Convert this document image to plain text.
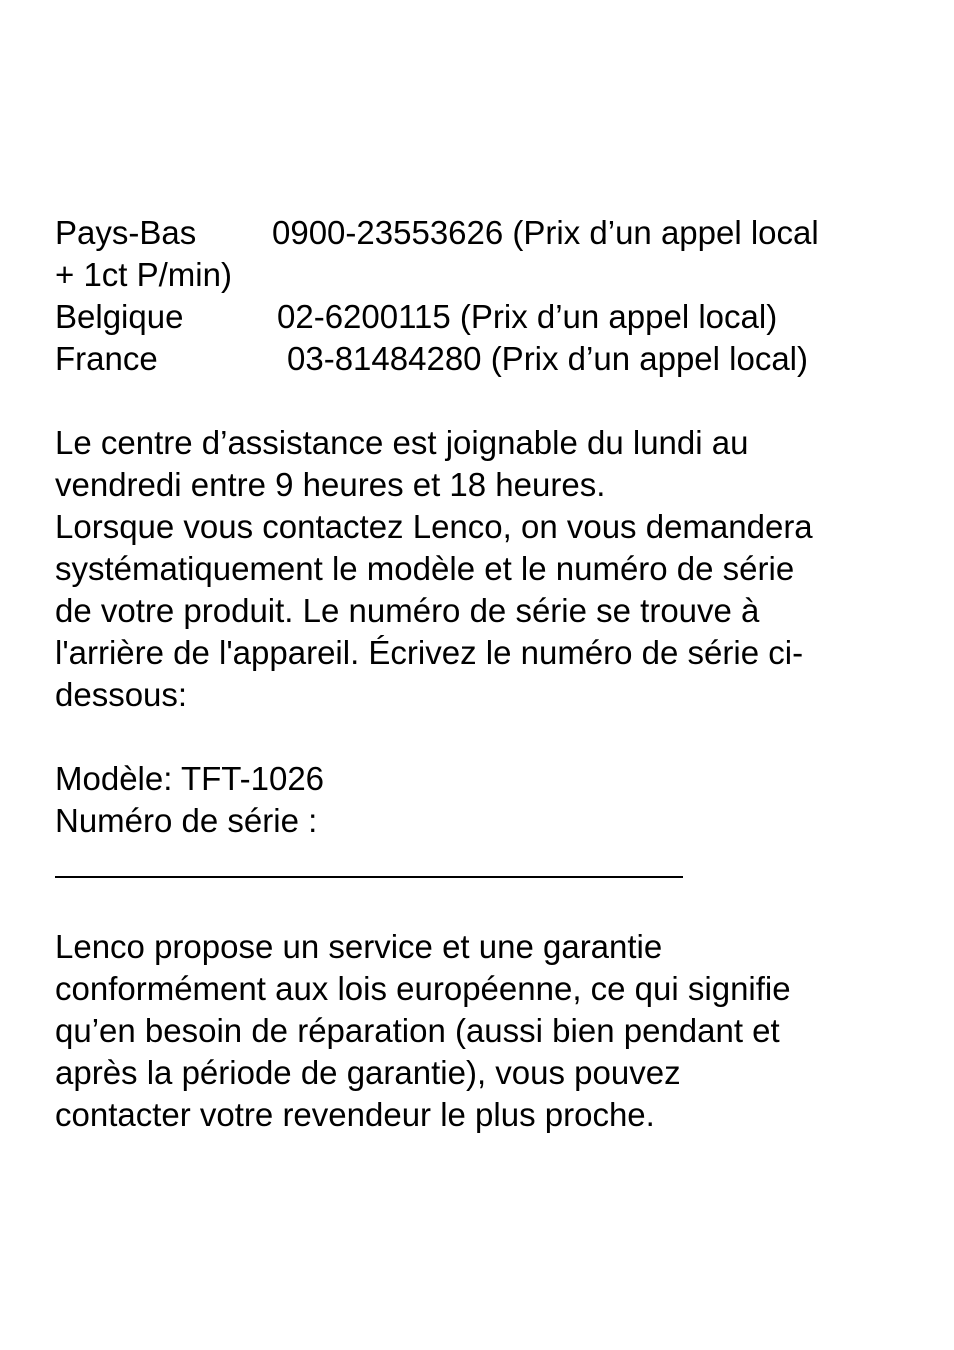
Pays-Bas

0900-23553626 (Prix d’un appel local

+ 1ct P/min)

Belgique

	02-6200115 (Prix d’un appel local)

France

	03-81484280 (Prix d’un appel local)

Le centre d’assistance est joignable du lundi au
vendredi entre 9 heures et 18 heures.
Lorsque vous contactez Lenco, on vous demandera
systématiquement le modèle et le numéro de série
de votre produit. Le numéro de série se trouve à
l'arrière de l'appareil. Écrivez le numéro de série ci-
dessous:
Modèle: TFT-1026
Numéro de série :
Lenco propose un service et une garantie
conformément aux lois européenne, ce qui signifie
qu’en besoin de réparation (aussi bien pendant et
après la période de garantie), vous pouvez
contacter votre revendeur le plus proche.
